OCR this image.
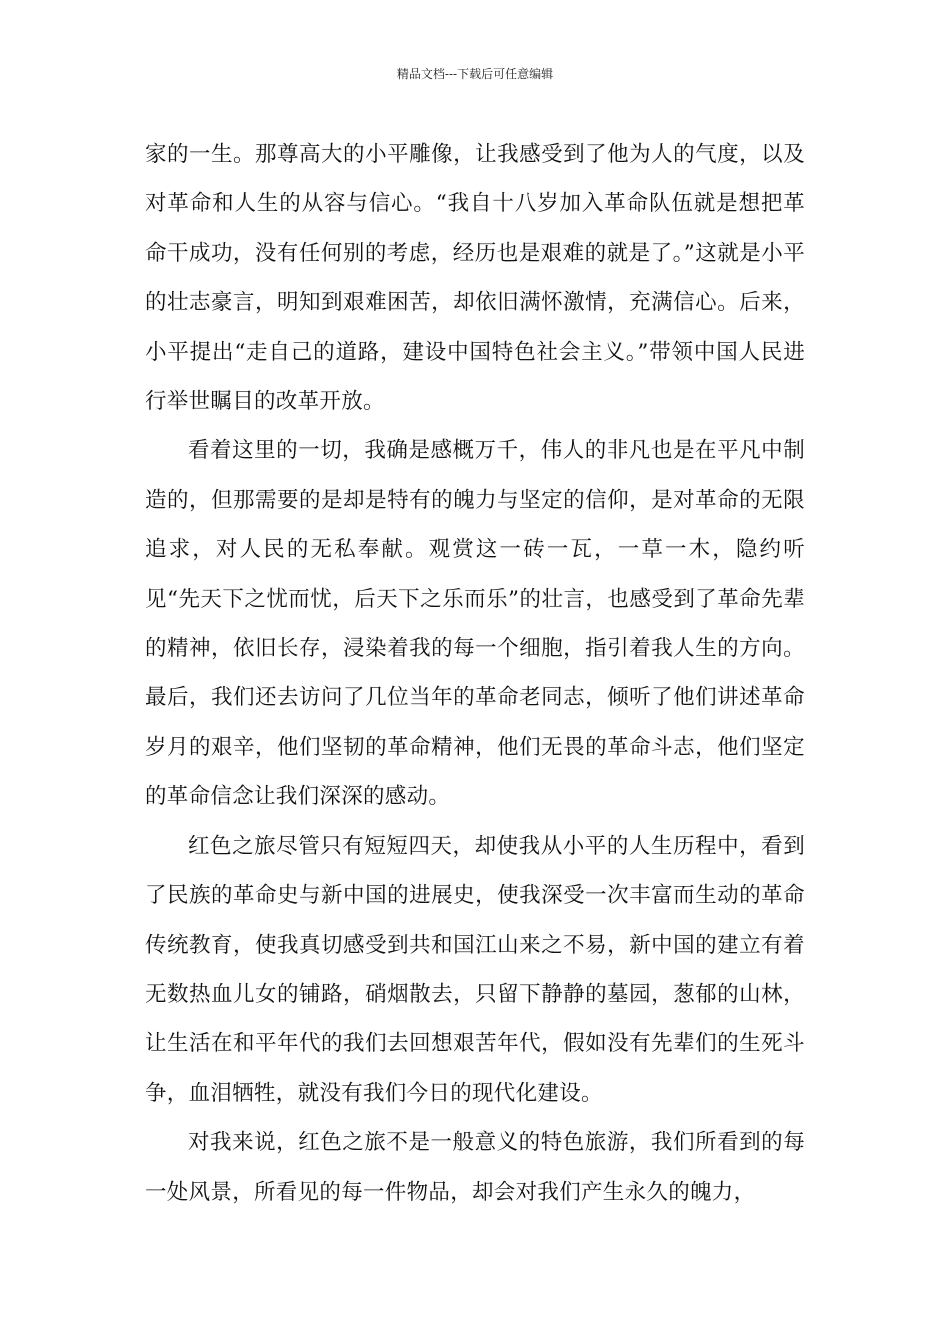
精品文档---下载后可任意编辑

家的一生。那尊高大的小平雕像，让我感受到了他为人的气度，以及对革命和人生的从容与信心。“我自十八岁加入革命队伍就是想把革命干成功，没有任何别的考虑，经历也是艰难的就是了。”这就是小平的壮志豪言，明知到艰难困苦，却依旧满怀激情，充满信心。后来，小平提出“走自己的道路，建设中国特色社会主义。”带领中国人民进行举世瞩目的改革开放。

看着这里的一切，我确是感概万千，伟人的非凡也是在平凡中制造的，但那需要的是却是特有的魄力与坚定的信仰，是对革命的无限追求，对人民的无私奉献。观赏这一砖一瓦，一草一木，隐约听见“先天下之忧而忧，后天下之乐而乐”的壮言，也感受到了革命先辈的精神，依旧长存，浸染着我的每一个细胞，指引着我人生的方向。最后，我们还去访问了几位当年的革命老同志，倾听了他们讲述革命岁月的艰辛，他们坚韧的革命精神，他们无畏的革命斗志，他们坚定的革命信念让我们深深的感动。

红色之旅尽管只有短短四天，却使我从小平的人生历程中，看到了民族的革命史与新中国的进展史，使我深受一次丰富而生动的革命传统教育，使我真切感受到共和国江山来之不易，新中国的建立有着无数热血儿女的铺路，硝烟散去，只留下静静的墓园，葱郁的山林，让生活在和平年代的我们去回想艰苦年代，假如没有先辈们的生死斗争，血泪牺牲，就没有我们今日的现代化建设。

对我来说，红色之旅不是一般意义的特色旅游，我们所看到的每一处风景，所看见的每一件物品，却会对我们产生永久的魄力，
